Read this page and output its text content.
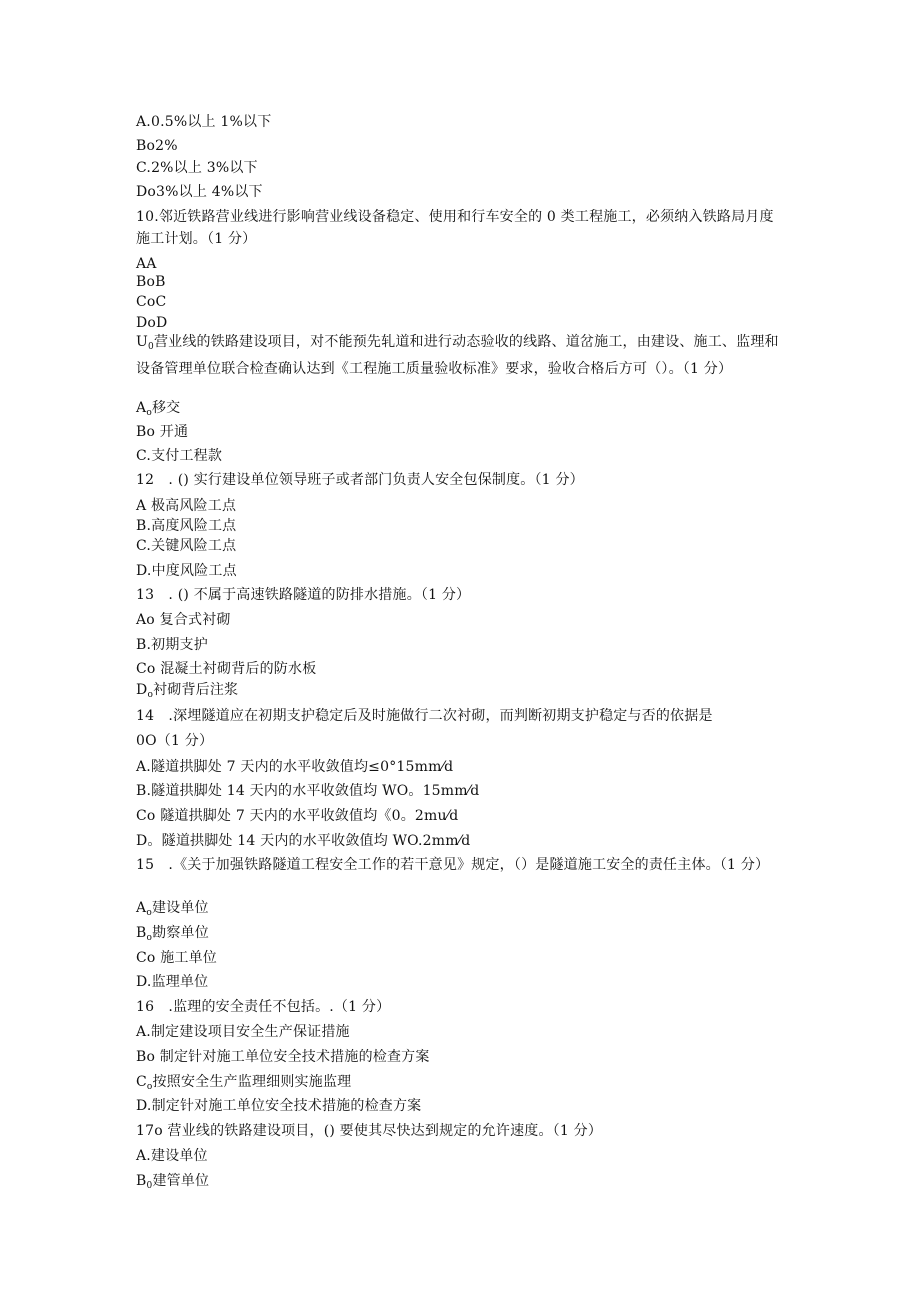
A.0.5%以上 1%以下
Bo2%
C.2%以上 3%以下
Do3%以上 4%以下
10.邻近铁路营业线进行影响营业线设备稳定、使用和行车安全的 0 类工程施工，必须纳入铁路局月度施工计划。（1 分）
AA
BoB
CoC
DoD
$U_0$营业线的铁路建设项目，对不能预先轧道和进行动态验收的线路、道岔施工，由建设、施工、监理和设备管理单位联合检查确认达到《工程施工质量验收标准》要求，验收合格后方可（）。（1 分）
$A_o$移交
Bo 开通
C.支付工程款
12　. () 实行建设单位领导班子或者部门负责人安全包保制度。（1 分）
A 极高风险工点
B.高度风险工点
C.关键风险工点
D.中度风险工点
13　. () 不属于高速铁路隧道的防排水措施。（1 分）
Ao 复合式衬砌
B.初期支护
Co 混凝土衬砌背后的防水板
$D_o$衬砌背后注浆
14　.深埋隧道应在初期支护稳定后及时施做行二次衬砌，而判断初期支护稳定与否的依据是
0O（1 分）
A.隧道拱脚处 7 天内的水平收敛值均≤0°15mm⁄d
B.隧道拱脚处 14 天内的水平收敛值均 WO。15mm⁄d
Co 隧道拱脚处 7 天内的水平收敛值均《0。2mu⁄d
D。隧道拱脚处 14 天内的水平收敛值均 WO.2mm⁄d
15　.《关于加强铁路隧道工程安全工作的若干意见》规定，（）是隧道施工安全的责任主体。（1 分）
$A_o$建设单位
$B_o$勘察单位
Co 施工单位
D.监理单位
16　.监理的安全责任不包括。.（1 分）
A.制定建设项目安全生产保证措施
Bo 制定针对施工单位安全技术措施的检查方案
$C_o$按照安全生产监理细则实施监理
D.制定针对施工单位安全技术措施的检查方案
17o 营业线的铁路建设项目，() 要使其尽快达到规定的允许速度。（1 分）
A.建设单位
$B_0$建管单位
